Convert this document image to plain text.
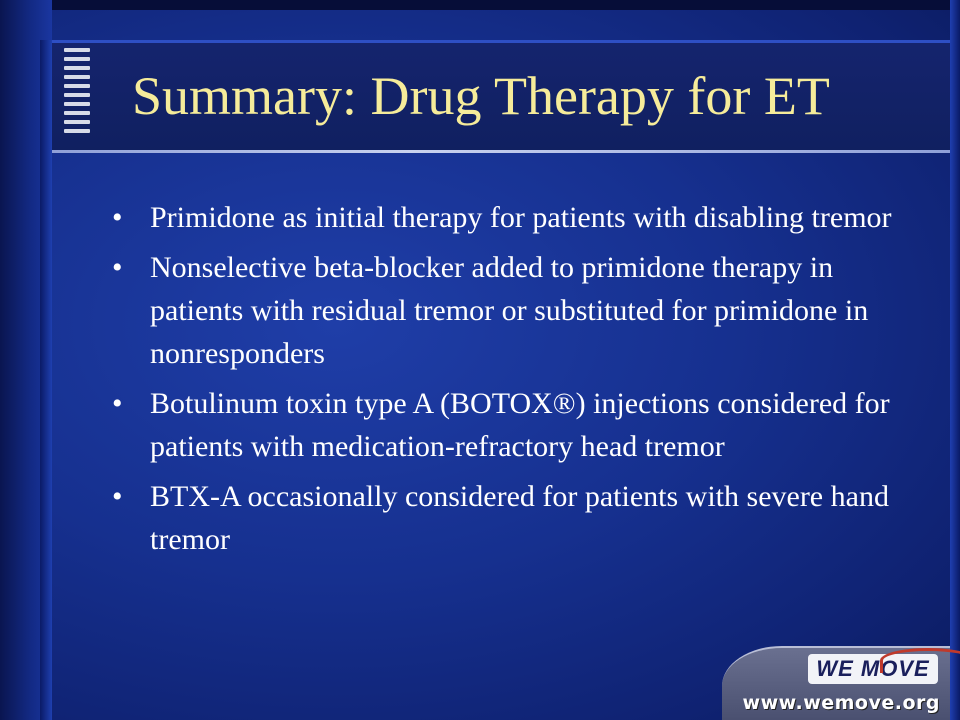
Summary: Drug Therapy for ET
• Primidone as initial therapy for patients with disabling tremor
• Nonselective beta-blocker added to primidone therapy in patients with residual tremor or substituted for primidone in nonresponders
• Botulinum toxin type A (BOTOX®) injections considered for patients with medication-refractory head tremor
• BTX-A occasionally considered for patients with severe hand tremor
WE MOVE
www.wemove.org
